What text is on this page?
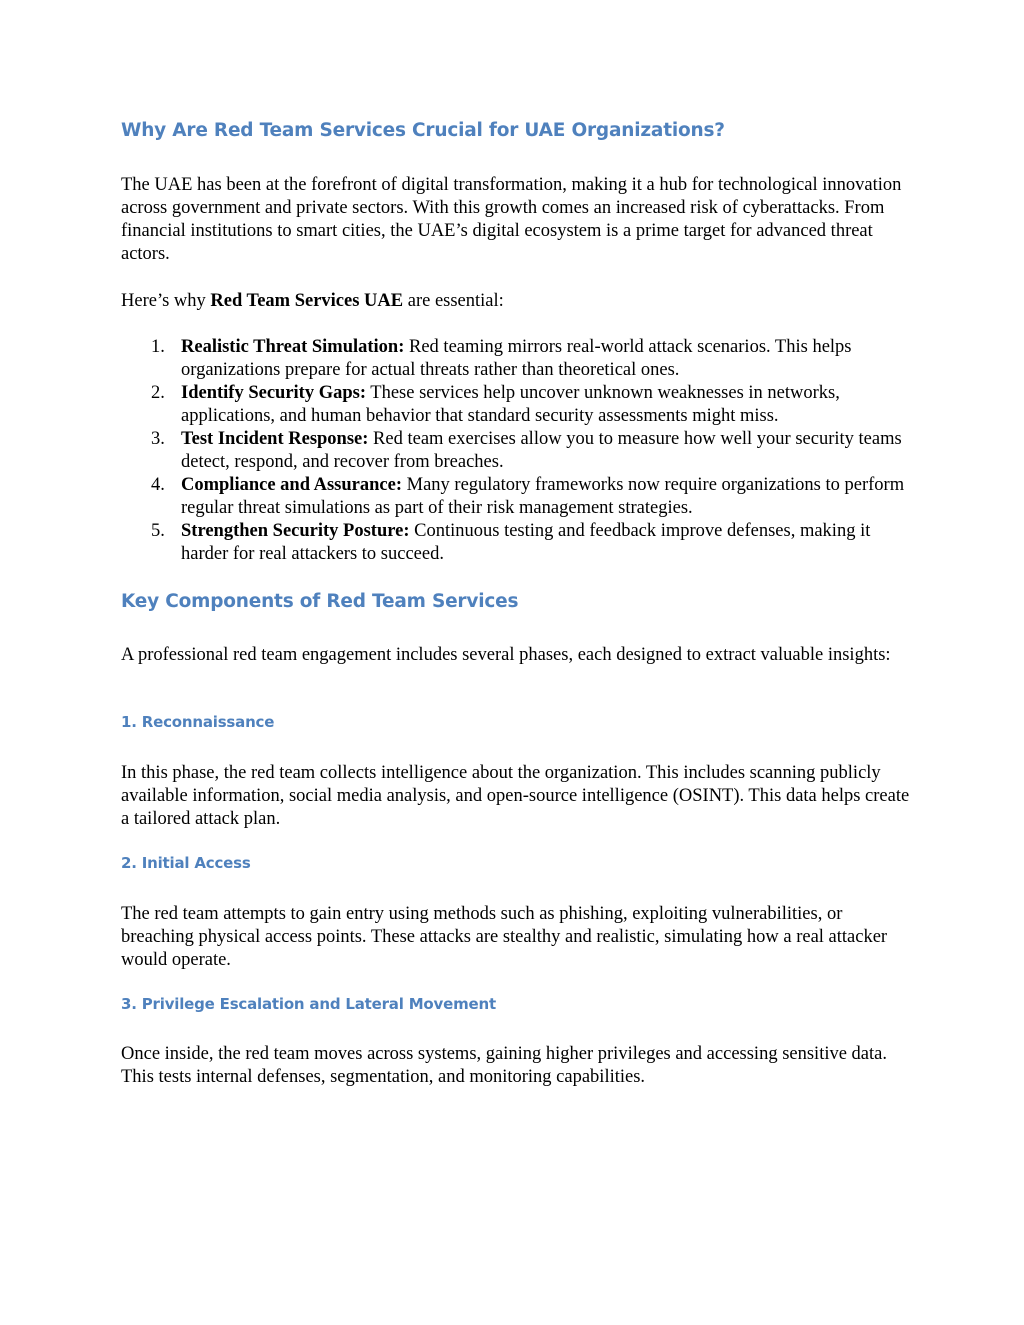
Why Are Red Team Services Crucial for UAE Organizations?

The UAE has been at the forefront of digital transformation, making it a hub for technological innovation across government and private sectors. With this growth comes an increased risk of cyberattacks. From financial institutions to smart cities, the UAE’s digital ecosystem is a prime target for advanced threat actors.

Here’s why Red Team Services UAE are essential:

1. Realistic Threat Simulation: Red teaming mirrors real-world attack scenarios. This helps organizations prepare for actual threats rather than theoretical ones.
2. Identify Security Gaps: These services help uncover unknown weaknesses in networks, applications, and human behavior that standard security assessments might miss.
3. Test Incident Response: Red team exercises allow you to measure how well your security teams detect, respond, and recover from breaches.
4. Compliance and Assurance: Many regulatory frameworks now require organizations to perform regular threat simulations as part of their risk management strategies.
5. Strengthen Security Posture: Continuous testing and feedback improve defenses, making it harder for real attackers to succeed.
Key Components of Red Team Services

A professional red team engagement includes several phases, each designed to extract valuable insights:

1. Reconnaissance

In this phase, the red team collects intelligence about the organization. This includes scanning publicly available information, social media analysis, and open-source intelligence (OSINT). This data helps create a tailored attack plan.

2. Initial Access

The red team attempts to gain entry using methods such as phishing, exploiting vulnerabilities, or breaching physical access points. These attacks are stealthy and realistic, simulating how a real attacker would operate.

3. Privilege Escalation and Lateral Movement

Once inside, the red team moves across systems, gaining higher privileges and accessing sensitive data. This tests internal defenses, segmentation, and monitoring capabilities.
